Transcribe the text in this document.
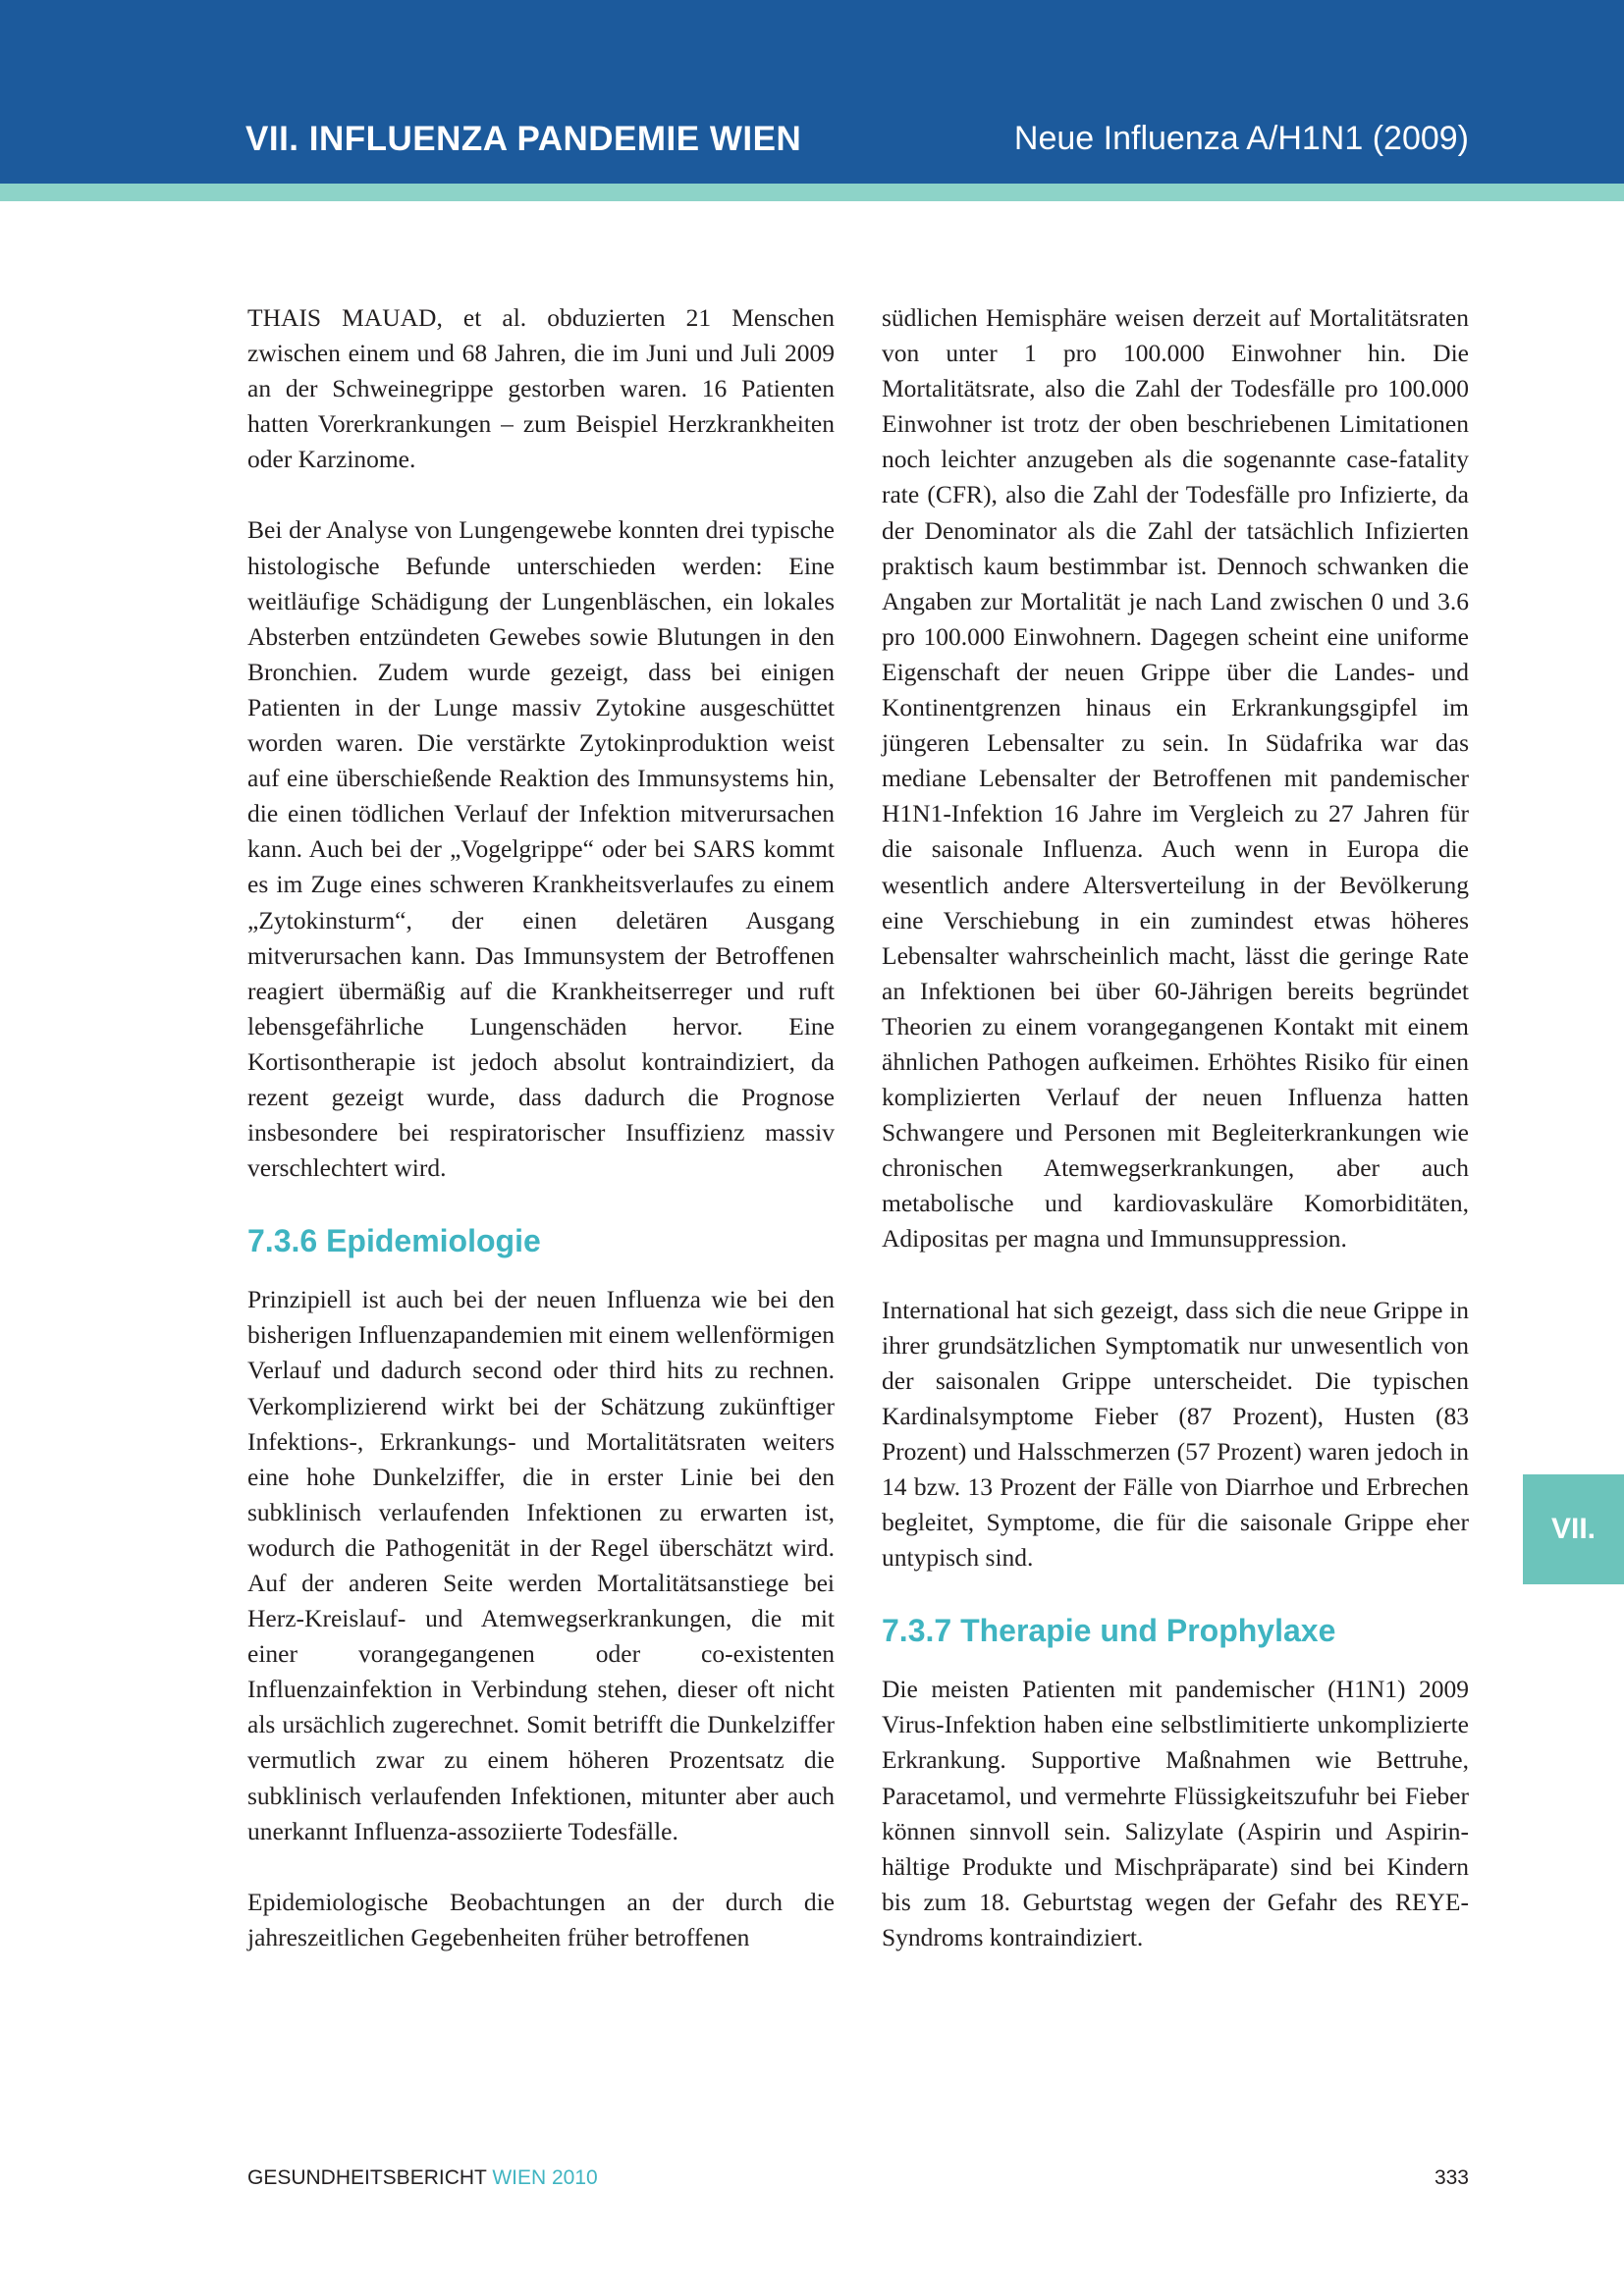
VII. INFLUENZA PANDEMIE WIEN	Neue Influenza A/H1N1 (2009)

THAIS MAUAD, et al. obduzierten 21 Menschen zwischen einem und 68 Jahren, die im Juni und Juli 2009 an der Schweinegrippe gestorben waren. 16 Patienten hatten Vorerkrankungen – zum Beispiel Herzkrankheiten oder Karzinome.

Bei der Analyse von Lungengewebe konnten drei typische histologische Befunde unterschieden werden: Eine weitläufige Schädigung der Lungenbläschen, ein lokales Absterben entzündeten Gewebes sowie Blutungen in den Bronchien. Zudem wurde gezeigt, dass bei einigen Patienten in der Lunge massiv Zytokine ausgeschüttet worden waren. Die verstärkte Zytokinproduktion weist auf eine überschießende Reaktion des Immunsystems hin, die einen tödlichen Verlauf der Infektion mitverursachen kann. Auch bei der „Vogelgrippe“ oder bei SARS kommt es im Zuge eines schweren Krankheitsverlaufes zu einem „Zytokinsturm“, der einen deletären Ausgang mitverursachen kann. Das Immunsystem der Betroffenen reagiert übermäßig auf die Krankheitserreger und ruft lebensgefährliche Lungenschäden hervor. Eine Kortisontherapie ist jedoch absolut kontraindiziert, da rezent gezeigt wurde, dass dadurch die Prognose insbesondere bei respiratorischer Insuffizienz massiv verschlechtert wird.

7.3.6 Epidemiologie

Prinzipiell ist auch bei der neuen Influenza wie bei den bisherigen Influenzapandemien mit einem wellenförmigen Verlauf und dadurch second oder third hits zu rechnen. Verkomplizierend wirkt bei der Schätzung zukünftiger Infektions-, Erkrankungs- und Mortalitätsraten weiters eine hohe Dunkelziffer, die in erster Linie bei den subklinisch verlaufenden Infektionen zu erwarten ist, wodurch die Pathogenität in der Regel überschätzt wird. Auf der anderen Seite werden Mortalitätsanstiege bei Herz-Kreislauf- und Atemwegserkrankungen, die mit einer vorangegangenen oder co-existenten Influenzainfektion in Verbindung stehen, dieser oft nicht als ursächlich zugerechnet. Somit betrifft die Dunkelziffer vermutlich zwar zu einem höheren Prozentsatz die subklinisch verlaufenden Infektionen, mitunter aber auch unerkannt Influenza-assoziierte Todesfälle.

Epidemiologische Beobachtungen an der durch die jahreszeitlichen Gegebenheiten früher betroffenen

südlichen Hemisphäre weisen derzeit auf Mortalitätsraten von unter 1 pro 100.000 Einwohner hin. Die Mortalitätsrate, also die Zahl der Todesfälle pro 100.000 Einwohner ist trotz der oben beschriebenen Limitationen noch leichter anzugeben als die sogenannte case-fatality rate (CFR), also die Zahl der Todesfälle pro Infizierte, da der Denominator als die Zahl der tatsächlich Infizierten praktisch kaum bestimmbar ist. Dennoch schwanken die Angaben zur Mortalität je nach Land zwischen 0 und 3.6 pro 100.000 Einwohnern. Dagegen scheint eine uniforme Eigenschaft der neuen Grippe über die Landes- und Kontinentgrenzen hinaus ein Erkrankungsgipfel im jüngeren Lebensalter zu sein. In Südafrika war das mediane Lebensalter der Betroffenen mit pandemischer H1N1-Infektion 16 Jahre im Vergleich zu 27 Jahren für die saisonale Influenza. Auch wenn in Europa die wesentlich andere Altersverteilung in der Bevölkerung eine Verschiebung in ein zumindest etwas höheres Lebensalter wahrscheinlich macht, lässt die geringe Rate an Infektionen bei über 60-Jährigen bereits begründet Theorien zu einem vorangegangenen Kontakt mit einem ähnlichen Pathogen aufkeimen. Erhöhtes Risiko für einen komplizierten Verlauf der neuen Influenza hatten Schwangere und Personen mit Begleiterkrankungen wie chronischen Atemwegserkrankungen, aber auch metabolische und kardiovaskuläre Komorbiditäten, Adipositas per magna und Immunsuppression.

International hat sich gezeigt, dass sich die neue Grippe in ihrer grundsätzlichen Symptomatik nur unwesentlich von der saisonalen Grippe unterscheidet. Die typischen Kardinalsymptome Fieber (87 Prozent), Husten (83 Prozent) und Halsschmerzen (57 Prozent) waren jedoch in 14 bzw. 13 Prozent der Fälle von Diarrhoe und Erbrechen begleitet, Symptome, die für die saisonale Grippe eher untypisch sind.

7.3.7 Therapie und Prophylaxe

Die meisten Patienten mit pandemischer (H1N1) 2009 Virus-Infektion haben eine selbstlimitierte unkomplizierte Erkrankung. Supportive Maßnahmen wie Bettruhe, Paracetamol, und vermehrte Flüssigkeitszufuhr bei Fieber können sinnvoll sein. Salizylate (Aspirin und Aspirin-hältige Produkte und Mischpräparate) sind bei Kindern bis zum 18. Geburtstag wegen der Gefahr des REYE-Syndroms kontraindiziert.

VII.
GESUNDHEITSBERICHT WIEN 2010	333
